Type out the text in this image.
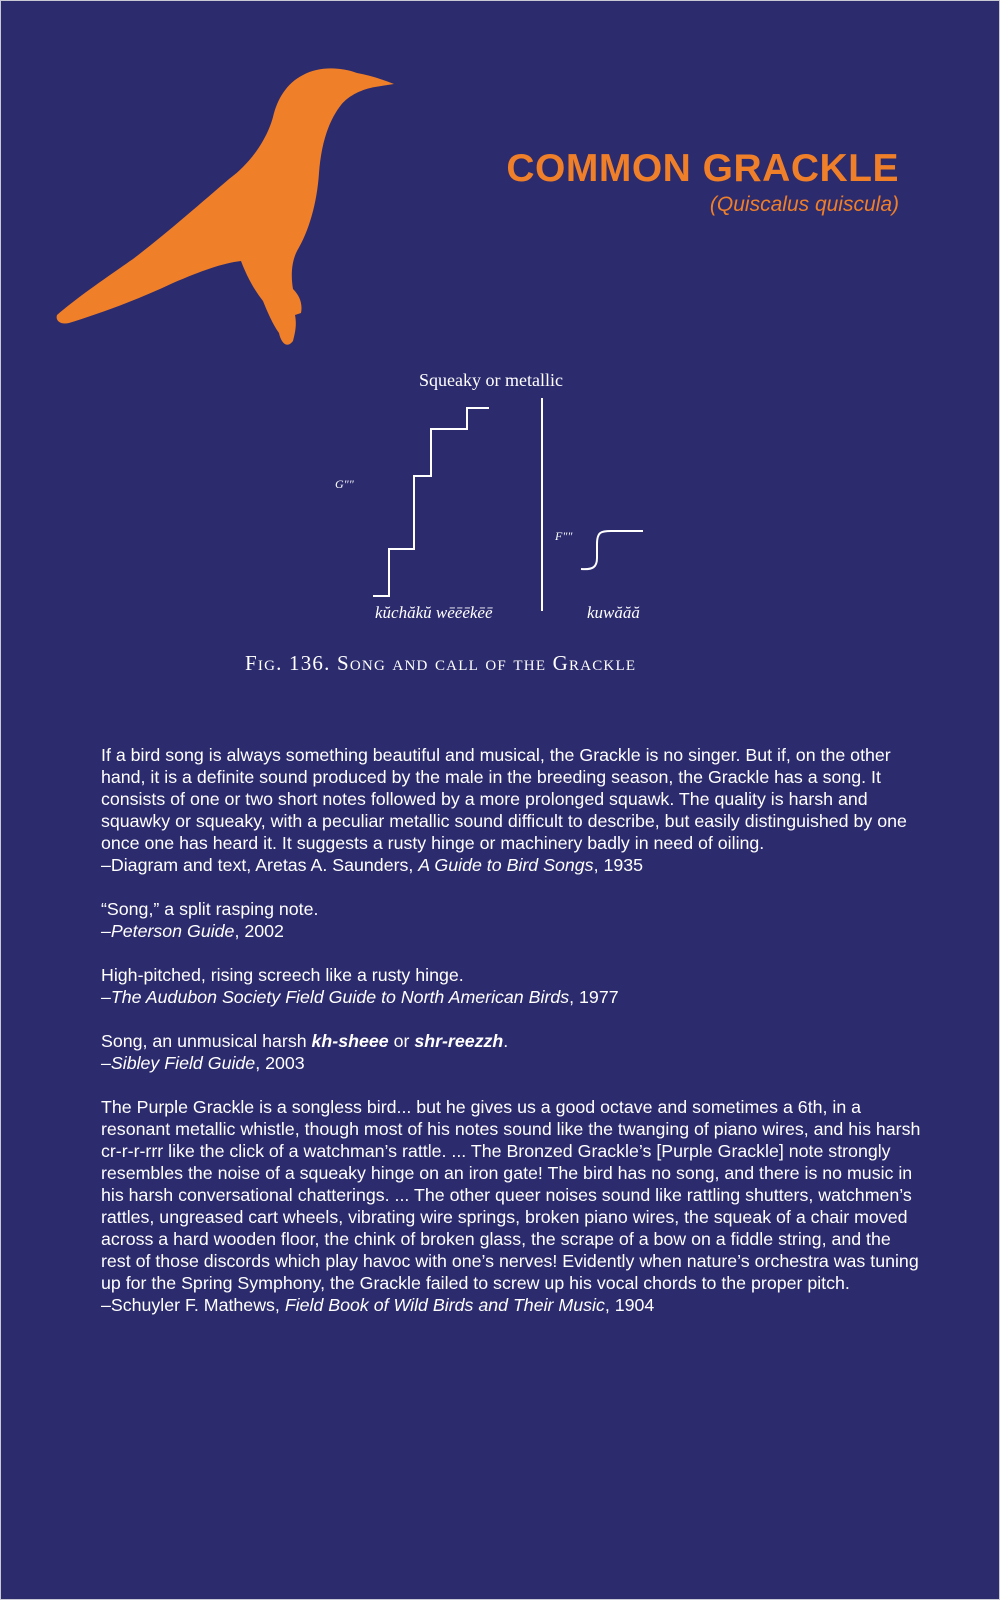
COMMON GRACKLE
(Quiscalus quiscula)
Squeaky or metallic
G""
F""
kŭchăkŭ wēēēkēē	kuwăăă
Fig. 136. Song and call of the Grackle

If a bird song is always something beautiful and musical, the Grackle is no singer. But if, on the other hand, it is a definite sound produced by the male in the breeding season, the Grackle has a song. It consists of one or two short notes followed by a more prolonged squawk. The quality is harsh and squawky or squeaky, with a peculiar metallic sound difficult to describe, but easily distinguished by one once one has heard it. It suggests a rusty hinge or machinery badly in need of oiling.
–Diagram and text, Aretas A. Saunders, A Guide to Bird Songs, 1935

“Song,” a split rasping note.
–Peterson Guide, 2002

High-pitched, rising screech like a rusty hinge.
–The Audubon Society Field Guide to North American Birds, 1977

Song, an unmusical harsh kh-sheee or shr-reezzh.
–Sibley Field Guide, 2003

The Purple Grackle is a songless bird... but he gives us a good octave and sometimes a 6th, in a resonant metallic whistle, though most of his notes sound like the twanging of piano wires, and his harsh cr-r-r-rrr like the click of a watchman’s rattle. ... The Bronzed Grackle’s [Purple Grackle] note strongly resembles the noise of a squeaky hinge on an iron gate! The bird has no song, and there is no music in his harsh conversational chatterings. ... The other queer noises sound like rattling shutters, watchmen’s rattles, ungreased cart wheels, vibrating wire springs, broken piano wires, the squeak of a chair moved across a hard wooden floor, the chink of broken glass, the scrape of a bow on a fiddle string, and the rest of those discords which play havoc with one’s nerves! Evidently when nature’s orchestra was tuning up for the Spring Symphony, the Grackle failed to screw up his vocal chords to the proper pitch.
–Schuyler F. Mathews, Field Book of Wild Birds and Their Music, 1904
